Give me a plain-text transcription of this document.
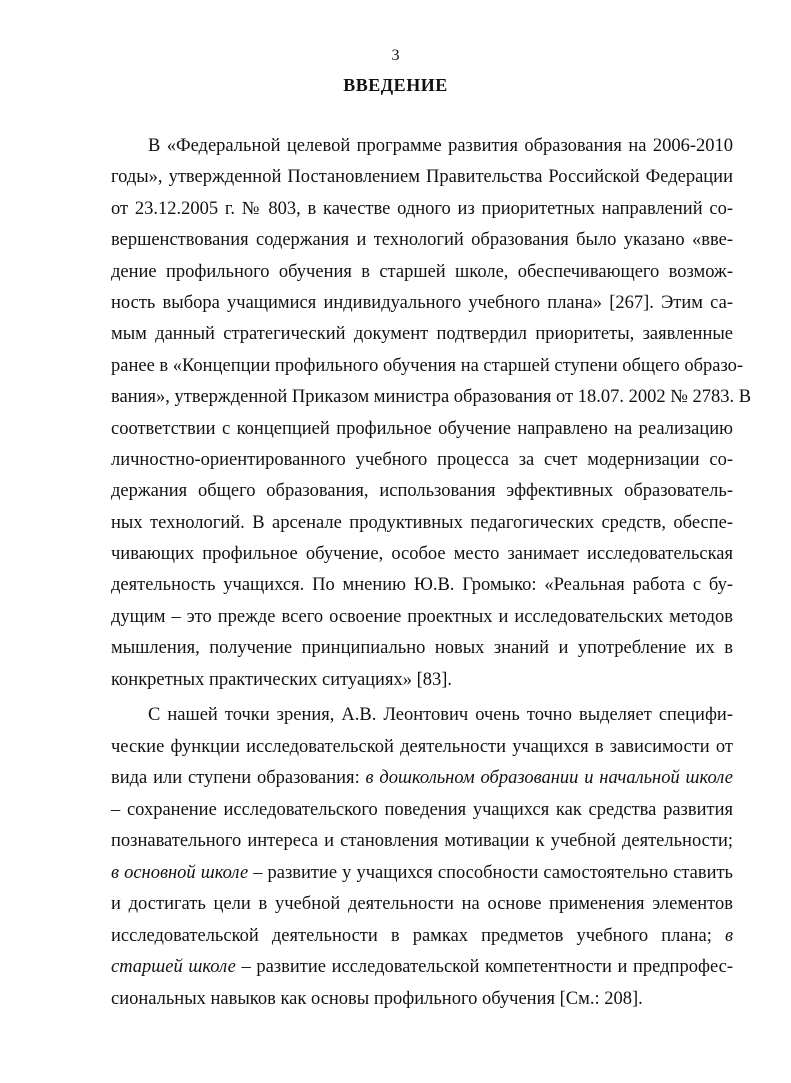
3
ВВЕДЕНИЕ
В «Федеральной целевой программе развития образования на 2006-2010
годы», утвержденной Постановлением Правительства Российской Федерации
от 23.12.2005 г. № 803, в качестве одного из приоритетных направлений со-
вершенствования содержания и технологий образования было указано «вве-
дение профильного обучения в старшей школе, обеспечивающего возмож-
ность выбора учащимися индивидуального учебного плана» [267]. Этим са-
мым данный стратегический документ подтвердил приоритеты, заявленные
ранее в «Концепции профильного обучения на старшей ступени общего образо-
вания», утвержденной Приказом министра образования от 18.07. 2002 № 2783. В
соответствии с концепцией профильное обучение направлено на реализацию
личностно-ориентированного учебного процесса за счет модернизации со-
держания общего образования, использования эффективных образователь-
ных технологий. В арсенале продуктивных педагогических средств, обеспе-
чивающих профильное обучение, особое место занимает исследовательская
деятельность учащихся. По мнению Ю.В. Громыко: «Реальная работа с бу-
дущим – это прежде всего освоение проектных и исследовательских методов
мышления, получение принципиально новых знаний и употребление их в
конкретных практических ситуациях» [83].
С нашей точки зрения, А.В. Леонтович очень точно выделяет специфи-
ческие функции исследовательской деятельности учащихся в зависимости от
вида или ступени образования: в дошкольном образовании и начальной школе
– сохранение исследовательского поведения учащихся как средства развития
познавательного интереса и становления мотивации к учебной деятельности;
в основной школе – развитие у учащихся способности самостоятельно ставить
и достигать цели в учебной деятельности на основе применения элементов
исследовательской деятельности в рамках предметов учебного плана; в
старшей школе – развитие исследовательской компетентности и предпрофес-
сиональных навыков как основы профильного обучения [См.: 208].
